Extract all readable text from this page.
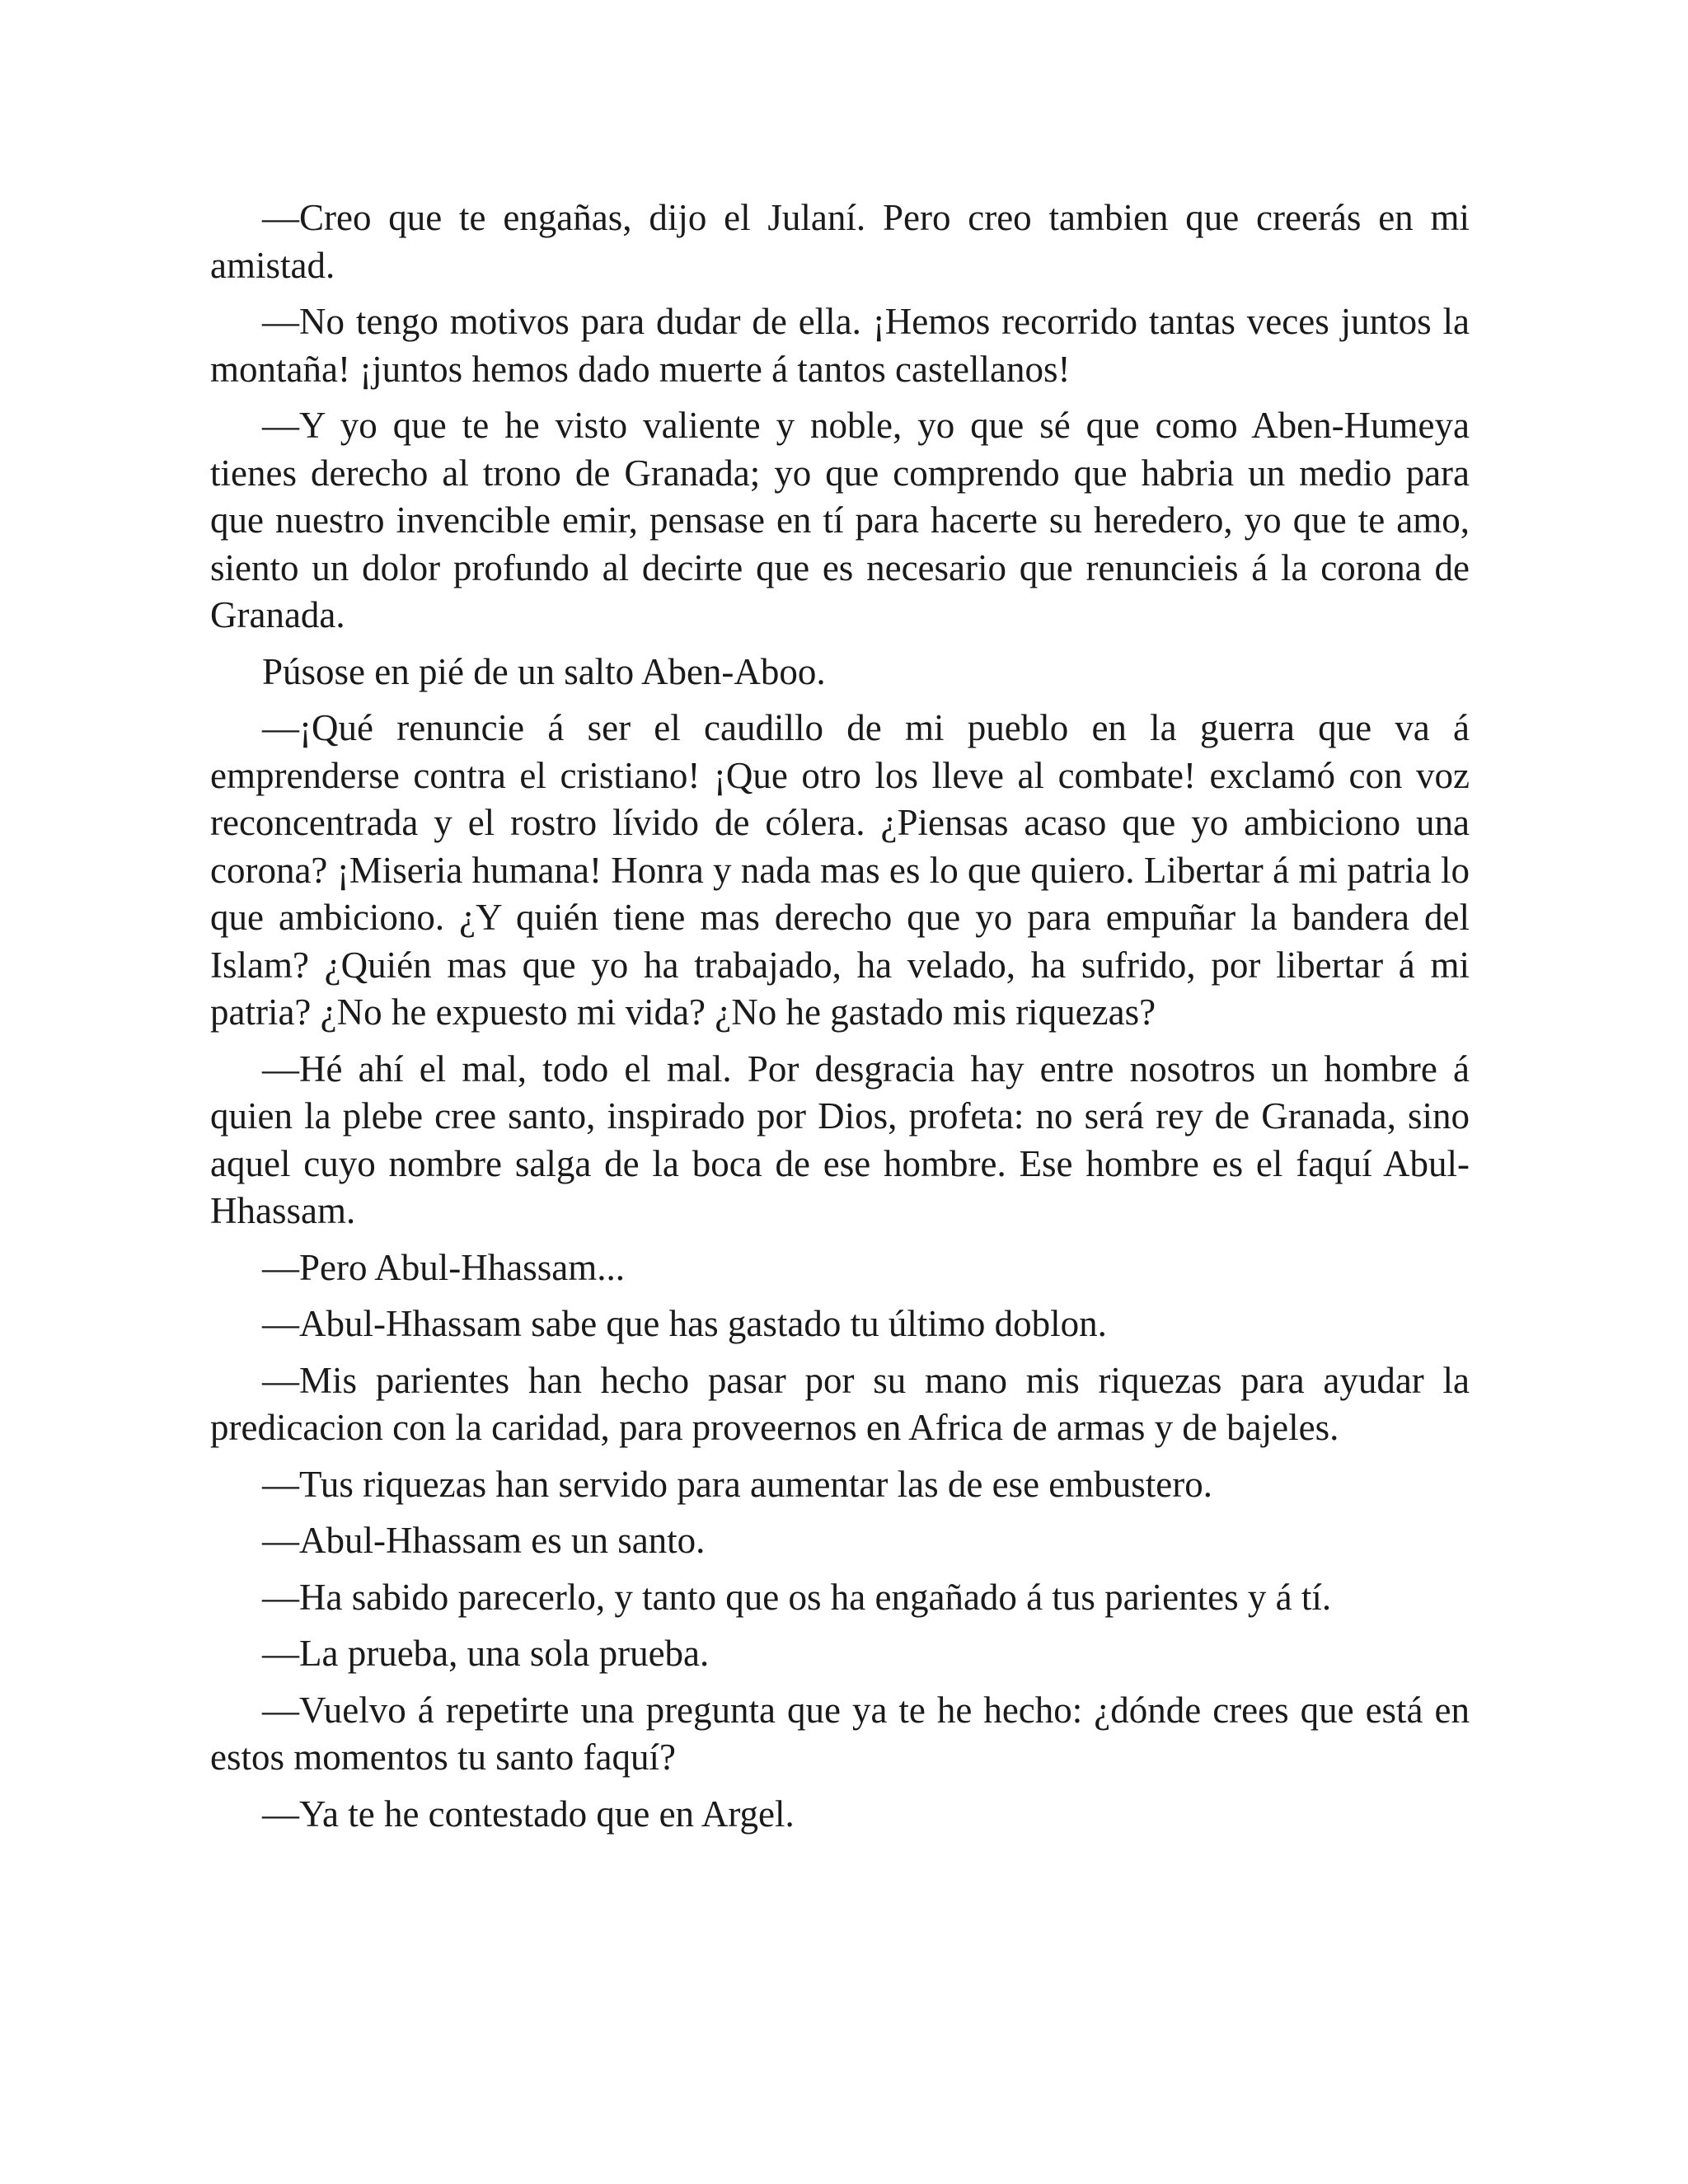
—Creo que te engañas, dijo el Julaní. Pero creo tambien que creerás en mi amistad.

—No tengo motivos para dudar de ella. ¡Hemos recorrido tantas veces juntos la montaña! ¡juntos hemos dado muerte á tantos castellanos!

—Y yo que te he visto valiente y noble, yo que sé que como Aben-Humeya tienes derecho al trono de Granada; yo que comprendo que habria un medio para que nuestro invencible emir, pensase en tí para hacerte su heredero, yo que te amo, siento un dolor profundo al decirte que es necesario que renuncieis á la corona de Granada.

Púsose en pié de un salto Aben-Aboo.

—¡Qué renuncie á ser el caudillo de mi pueblo en la guerra que va á emprenderse contra el cristiano! ¡Que otro los lleve al combate! exclamó con voz reconcentrada y el rostro lívido de cólera. ¿Piensas acaso que yo ambiciono una corona? ¡Miseria humana! Honra y nada mas es lo que quiero. Libertar á mi patria lo que ambiciono. ¿Y quién tiene mas derecho que yo para empuñar la bandera del Islam? ¿Quién mas que yo ha trabajado, ha velado, ha sufrido, por libertar á mi patria? ¿No he expuesto mi vida? ¿No he gastado mis riquezas?

—Hé ahí el mal, todo el mal. Por desgracia hay entre nosotros un hombre á quien la plebe cree santo, inspirado por Dios, profeta: no será rey de Granada, sino aquel cuyo nombre salga de la boca de ese hombre. Ese hombre es el faquí Abul-Hhassam.

—Pero Abul-Hhassam...

—Abul-Hhassam sabe que has gastado tu último doblon.

—Mis parientes han hecho pasar por su mano mis riquezas para ayudar la predicacion con la caridad, para proveernos en Africa de armas y de bajeles.

—Tus riquezas han servido para aumentar las de ese embustero.

—Abul-Hhassam es un santo.

—Ha sabido parecerlo, y tanto que os ha engañado á tus parientes y á tí.

—La prueba, una sola prueba.

—Vuelvo á repetirte una pregunta que ya te he hecho: ¿dónde crees que está en estos momentos tu santo faquí?

—Ya te he contestado que en Argel.
